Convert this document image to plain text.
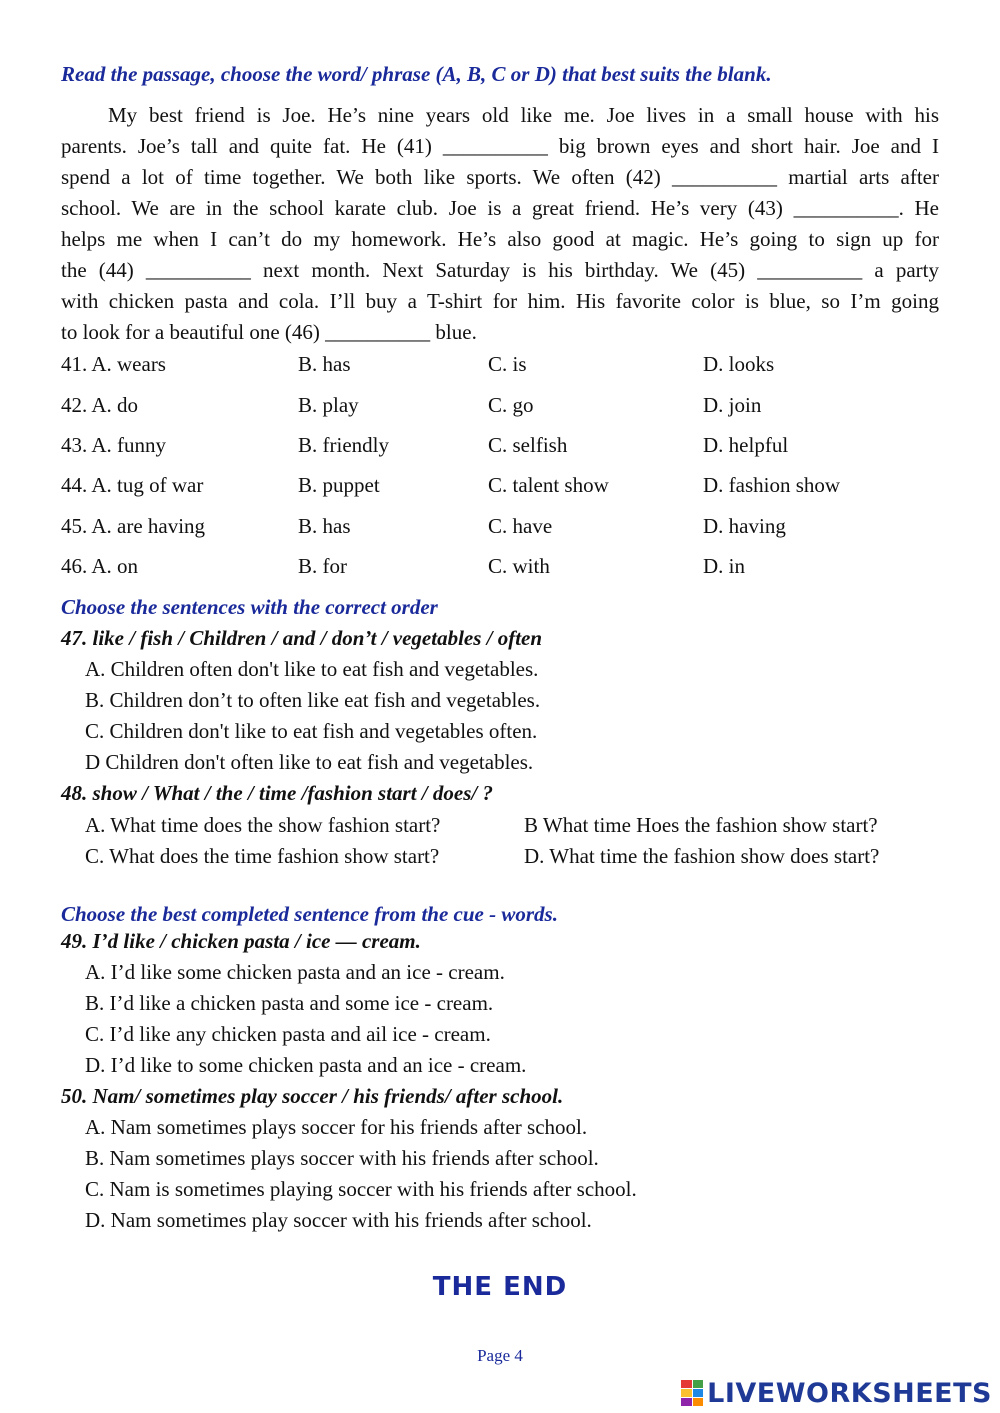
Read the passage, choose the word/ phrase (A, B, C or D) that best suits the blank.
My best friend is Joe. He’s nine years old like me. Joe lives in a small house with his
parents. Joe’s tall and quite fat. He (41) __________ big brown eyes and short hair. Joe and I
spend a lot of time together. We both like sports. We often (42) __________ martial arts after
school. We are in the school karate club. Joe is a great friend. He’s very (43) __________. He
helps me when I can’t do my homework. He’s also good at magic. He’s going to sign up for
the (44) __________ next month. Next Saturday is his birthday. We (45) __________ a party
with chicken pasta and cola. I’ll buy a T-shirt for him. His favorite color is blue, so I’m going
to look for a beautiful one (46) __________ blue.
41. A. wears	B. has	C. is	D. looks
42. A. do	B. play	C. go	D. join
43. A. funny	B. friendly	C. selfish	D. helpful
44. A. tug of war	B. puppet	C. talent show	D. fashion show
45. A. are having	B. has	C. have	D. having
46. A. on	B. for	C. with	D. in
Choose the sentences with the correct order
47. like / fish / Children / and / don’t / vegetables / often
A. Children often don't like to eat fish and vegetables.
B. Children don’t to often like eat fish and vegetables.
C. Children don't like to eat fish and vegetables often.
D Children don't often like to eat fish and vegetables.
48. show / What / the / time /fashion start / does/ ?
A. What time does the show fashion start?	B What time Hoes the fashion show start?
C. What does the time fashion show start?	D. What time the fashion show does start?
Choose the best completed sentence from the cue - words.
49. I’d like / chicken pasta / ice — cream.
A. I’d like some chicken pasta and an ice - cream.
B. I’d like a chicken pasta and some ice - cream.
C. I’d like any chicken pasta and ail ice - cream.
D. I’d like to some chicken pasta and an ice - cream.
50. Nam/ sometimes play soccer / his friends/ after school.
A. Nam sometimes plays soccer for his friends after school.
B. Nam sometimes plays soccer with his friends after school.
C. Nam is sometimes playing soccer with his friends after school.
D. Nam sometimes play soccer with his friends after school.
THE END
Page 4
LIVEWORKSHEETS
